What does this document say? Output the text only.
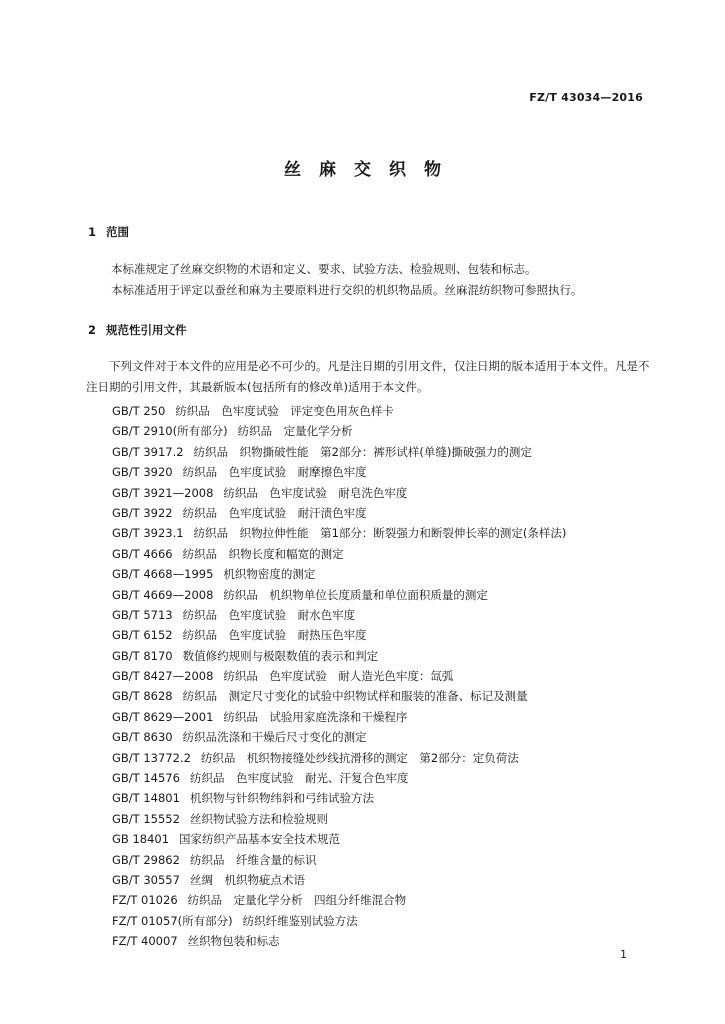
FZ/T 43034—2016
丝麻交织物
1 范围
本标准规定了丝麻交织物的术语和定义、要求、试验方法、检验规则、包装和标志。
本标准适用于评定以蚕丝和麻为主要原料进行交织的机织物品质。丝麻混纺织物可参照执行。
2 规范性引用文件
下列文件对于本文件的应用是必不可少的。凡是注日期的引用文件，仅注日期的版本适用于本文件。凡是不注日期的引用文件，其最新版本(包括所有的修改单)适用于本文件。
GB/T 250 纺织品　色牢度试验　评定变色用灰色样卡
GB/T 2910(所有部分) 纺织品　定量化学分析
GB/T 3917.2 纺织品　织物撕破性能　第2部分：裤形试样(单缝)撕破强力的测定
GB/T 3920 纺织品　色牢度试验　耐摩擦色牢度
GB/T 3921—2008 纺织品　色牢度试验　耐皂洗色牢度
GB/T 3922 纺织品　色牢度试验　耐汗渍色牢度
GB/T 3923.1 纺织品　织物拉伸性能　第1部分：断裂强力和断裂伸长率的测定(条样法)
GB/T 4666 纺织品　织物长度和幅宽的测定
GB/T 4668—1995 机织物密度的测定
GB/T 4669—2008 纺织品　机织物单位长度质量和单位面积质量的测定
GB/T 5713 纺织品　色牢度试验　耐水色牢度
GB/T 6152 纺织品　色牢度试验　耐热压色牢度
GB/T 8170 数值修约规则与极限数值的表示和判定
GB/T 8427—2008 纺织品　色牢度试验　耐人造光色牢度：氙弧
GB/T 8628 纺织品　测定尺寸变化的试验中织物试样和服装的准备、标记及测量
GB/T 8629—2001 纺织品　试验用家庭洗涤和干燥程序
GB/T 8630 纺织品洗涤和干燥后尺寸变化的测定
GB/T 13772.2 纺织品　机织物接缝处纱线抗滑移的测定　第2部分：定负荷法
GB/T 14576 纺织品　色牢度试验　耐光、汗复合色牢度
GB/T 14801 机织物与针织物纬斜和弓纬试验方法
GB/T 15552 丝织物试验方法和检验规则
GB 18401 国家纺织产品基本安全技术规范
GB/T 29862 纺织品　纤维含量的标识
GB/T 30557 丝绸　机织物疵点术语
FZ/T 01026 纺织品　定量化学分析　四组分纤维混合物
FZ/T 01057(所有部分) 纺织纤维鉴别试验方法
FZ/T 40007 丝织物包装和标志
1
